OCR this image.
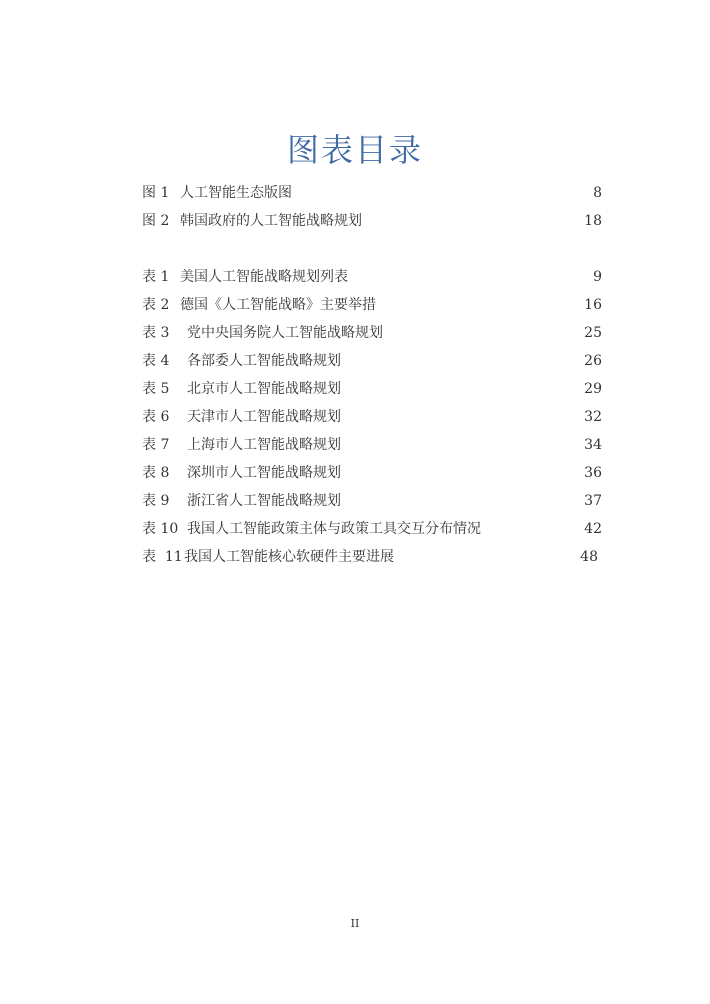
图表目录
图 1 人工智能生态版图	8
图 2 韩国政府的人工智能战略规划	18
表 1 美国人工智能战略规划列表	9
表 2 德国《人工智能战略》主要举措	16
表 3 党中央国务院人工智能战略规划	25
表 4 各部委人工智能战略规划	26
表 5 北京市人工智能战略规划	29
表 6 天津市人工智能战略规划	32
表 7 上海市人工智能战略规划	34
表 8 深圳市人工智能战略规划	36
表 9 浙江省人工智能战略规划	37
表 10 我国人工智能政策主体与政策工具交互分布情况	42
表  11 我国人工智能核心软硬件主要进展	48
II
